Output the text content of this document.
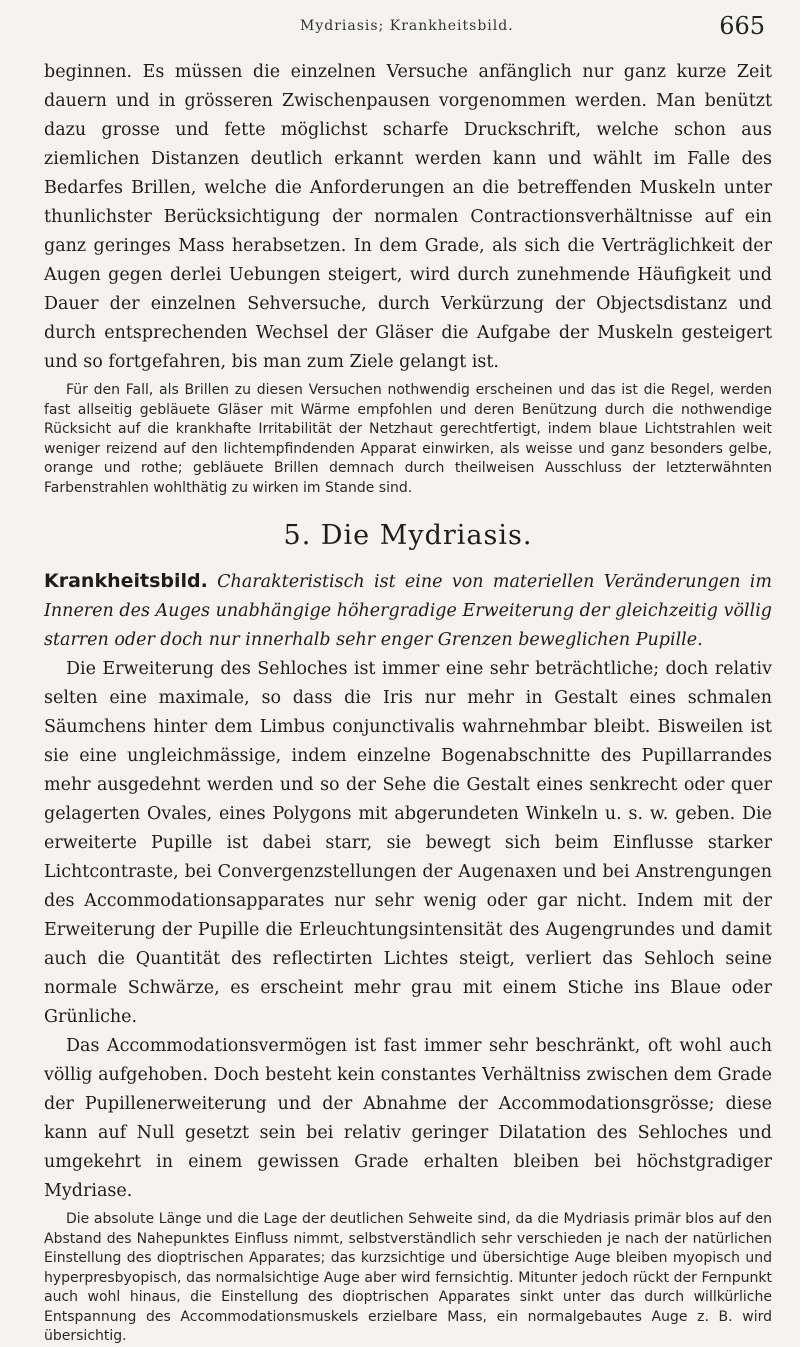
Mydriasis; Krankheitsbild.	665

beginnen. Es müssen die einzelnen Versuche anfänglich nur ganz kurze Zeit dauern und in grösseren Zwischenpausen vorgenommen werden. Man benützt dazu grosse und fette möglichst scharfe Druckschrift, welche schon aus ziemlichen Distanzen deutlich erkannt werden kann und wählt im Falle des Bedarfes Brillen, welche die Anforderungen an die betreffenden Muskeln unter thunlichster Berücksichtigung der normalen Contractionsverhältnisse auf ein ganz geringes Mass herabsetzen. In dem Grade, als sich die Verträglichkeit der Augen gegen derlei Uebungen steigert, wird durch zunehmende Häufigkeit und Dauer der einzelnen Sehversuche, durch Verkürzung der Objectsdistanz und durch entsprechenden Wechsel der Gläser die Aufgabe der Muskeln gesteigert und so fortgefahren, bis man zum Ziele gelangt ist.

Für den Fall, als Brillen zu diesen Versuchen nothwendig erscheinen und das ist die Regel, werden fast allseitig gebläuete Gläser mit Wärme empfohlen und deren Benützung durch die nothwendige Rücksicht auf die krankhafte Irritabilität der Netzhaut gerechtfertigt, indem blaue Lichtstrahlen weit weniger reizend auf den lichtempfindenden Apparat einwirken, als weisse und ganz besonders gelbe, orange und rothe; gebläuete Brillen demnach durch theilweisen Ausschluss der letzterwähnten Farbenstrahlen wohlthätig zu wirken im Stande sind.

5. Die Mydriasis.

Krankheitsbild. Charakteristisch ist eine von materiellen Veränderungen im Inneren des Auges unabhängige höhergradige Erweiterung der gleichzeitig völlig starren oder doch nur innerhalb sehr enger Grenzen beweglichen Pupille.

Die Erweiterung des Sehloches ist immer eine sehr beträchtliche; doch relativ selten eine maximale, so dass die Iris nur mehr in Gestalt eines schmalen Säumchens hinter dem Limbus conjunctivalis wahrnehmbar bleibt. Bisweilen ist sie eine ungleichmässige, indem einzelne Bogenabschnitte des Pupillarrandes mehr ausgedehnt werden und so der Sehe die Gestalt eines senkrecht oder quer gelagerten Ovales, eines Polygons mit abgerundeten Winkeln u. s. w. geben. Die erweiterte Pupille ist dabei starr, sie bewegt sich beim Einflusse starker Lichtcontraste, bei Convergenzstellungen der Augenaxen und bei Anstrengungen des Accommodationsapparates nur sehr wenig oder gar nicht. Indem mit der Erweiterung der Pupille die Erleuchtungsintensität des Augengrundes und damit auch die Quantität des reflectirten Lichtes steigt, verliert das Sehloch seine normale Schwärze, es erscheint mehr grau mit einem Stiche ins Blaue oder Grünliche.

Das Accommodationsvermögen ist fast immer sehr beschränkt, oft wohl auch völlig aufgehoben. Doch besteht kein constantes Verhältniss zwischen dem Grade der Pupillenerweiterung und der Abnahme der Accommodationsgrösse; diese kann auf Null gesetzt sein bei relativ geringer Dilatation des Sehloches und umgekehrt in einem gewissen Grade erhalten bleiben bei höchstgradiger Mydriase.

Die absolute Länge und die Lage der deutlichen Sehweite sind, da die Mydriasis primär blos auf den Abstand des Nahepunktes Einfluss nimmt, selbstverständlich sehr verschieden je nach der natürlichen Einstellung des dioptrischen Apparates; das kurzsichtige und übersichtige Auge bleiben myopisch und hyperpresbyopisch, das normalsichtige Auge aber wird fernsichtig. Mitunter jedoch rückt der Fernpunkt auch wohl hinaus, die Einstellung des dioptrischen Apparates sinkt unter das durch willkürliche Entspannung des Accommodationsmuskels erzielbare Mass, ein normalgebautes Auge z. B. wird übersichtig.
